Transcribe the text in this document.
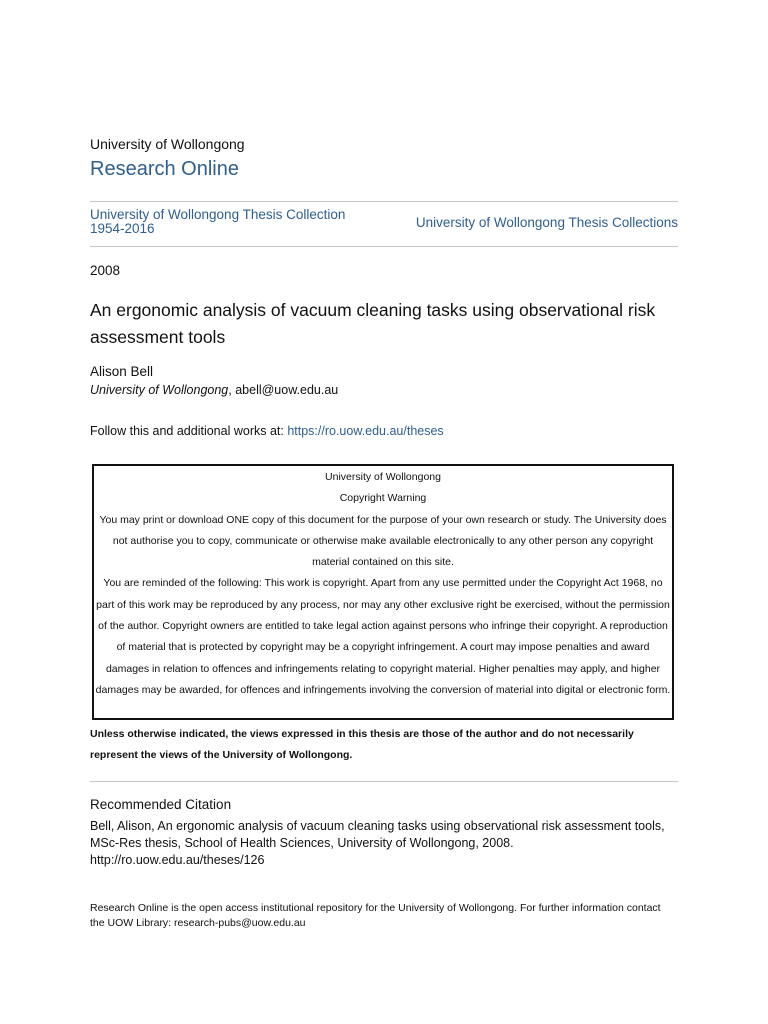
University of Wollongong
Research Online
University of Wollongong Thesis Collection
1954-2016	University of Wollongong Thesis Collections
2008
An ergonomic analysis of vacuum cleaning tasks using observational risk assessment tools
Alison Bell
University of Wollongong, abell@uow.edu.au
Follow this and additional works at: https://ro.uow.edu.au/theses
University of Wollongong
Copyright Warning
You may print or download ONE copy of this document for the purpose of your own research or study. The University does not authorise you to copy, communicate or otherwise make available electronically to any other person any copyright material contained on this site.
You are reminded of the following: This work is copyright. Apart from any use permitted under the Copyright Act 1968, no part of this work may be reproduced by any process, nor may any other exclusive right be exercised, without the permission of the author. Copyright owners are entitled to take legal action against persons who infringe their copyright. A reproduction of material that is protected by copyright may be a copyright infringement. A court may impose penalties and award damages in relation to offences and infringements relating to copyright material. Higher penalties may apply, and higher damages may be awarded, for offences and infringements involving the conversion of material into digital or electronic form.
Unless otherwise indicated, the views expressed in this thesis are those of the author and do not necessarily represent the views of the University of Wollongong.
Recommended Citation
Bell, Alison, An ergonomic analysis of vacuum cleaning tasks using observational risk assessment tools, MSc-Res thesis, School of Health Sciences, University of Wollongong, 2008. http://ro.uow.edu.au/theses/126
Research Online is the open access institutional repository for the University of Wollongong. For further information contact the UOW Library: research-pubs@uow.edu.au
